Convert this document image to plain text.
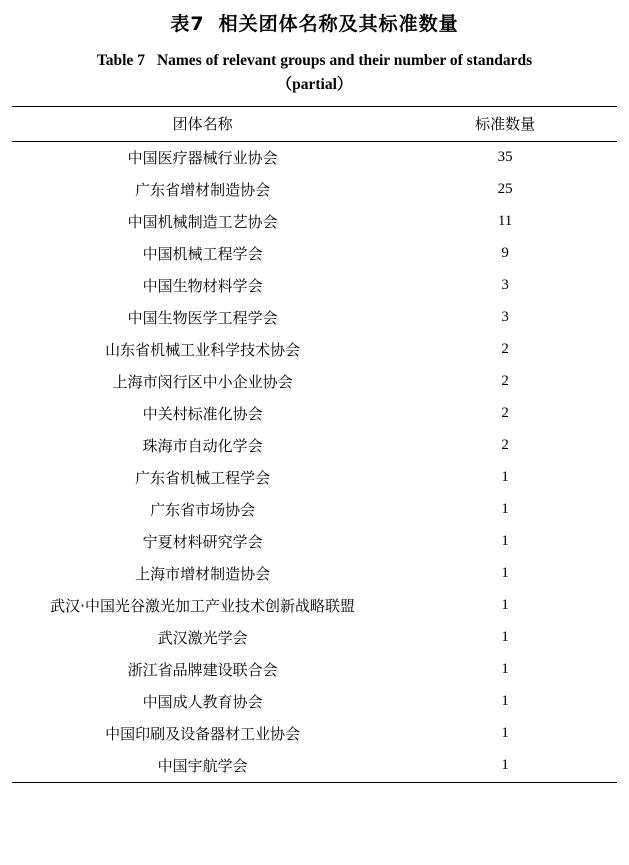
表7 相关团体名称及其标准数量
Table 7 Names of relevant groups and their number of standards
（partial）
团体名称	标准数量
中国医疗器械行业协会	35
广东省增材制造协会	25
中国机械制造工艺协会	11
中国机械工程学会	9
中国生物材料学会	3
中国生物医学工程学会	3
山东省机械工业科学技术协会	2
上海市闵行区中小企业协会	2
中关村标准化协会	2
珠海市自动化学会	2
广东省机械工程学会	1
广东省市场协会	1
宁夏材料研究学会	1
上海市增材制造协会	1
武汉·中国光谷激光加工产业技术创新战略联盟	1
武汉激光学会	1
浙江省品牌建设联合会	1
中国成人教育协会	1
中国印刷及设备器材工业协会	1
中国宇航学会	1
